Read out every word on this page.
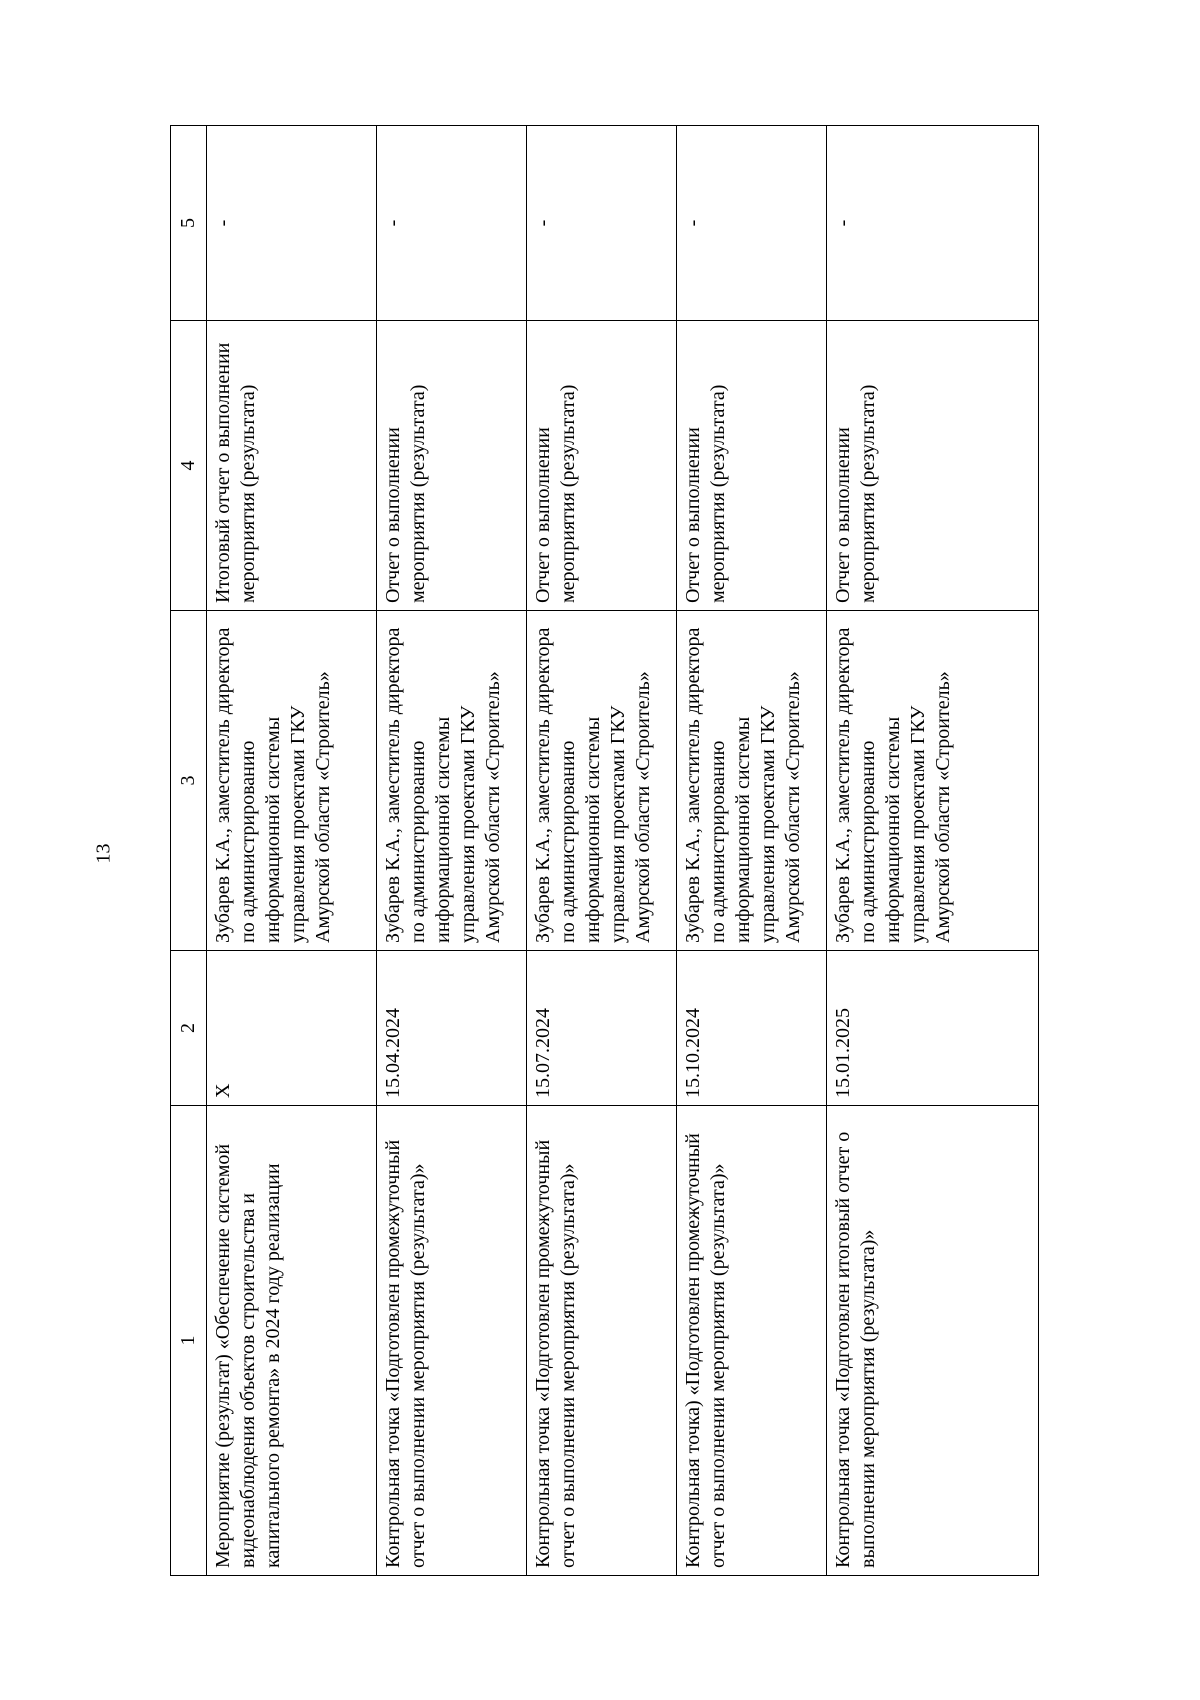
13
1	2	3	4	5
Мероприятие (результат) «Обеспечение системой видеонаблюдения объектов строительства и капитального ремонта» в 2024 году реализации	Х	Зубарев К.А., заместитель директора по администрированию информационной системы управления проектами ГКУ Амурской области «Строитель»	Итоговый отчет о выполнении мероприятия (результата)	-
Контрольная точка «Подготовлен промежуточный отчет о выполнении мероприятия (результата)»	15.04.2024	Зубарев К.А., заместитель директора по администрированию информационной системы управления проектами ГКУ Амурской области «Строитель»	Отчет о выполнении мероприятия (результата)	-
Контрольная точка «Подготовлен промежуточный отчет о выполнении мероприятия (результата)»	15.07.2024	Зубарев К.А., заместитель директора по администрированию информационной системы управления проектами ГКУ Амурской области «Строитель»	Отчет о выполнении мероприятия (результата)	-
Контрольная точка) «Подготовлен промежуточный отчет о выполнении мероприятия (результата)»	15.10.2024	Зубарев К.А., заместитель директора по администрированию информационной системы управления проектами ГКУ Амурской области «Строитель»	Отчет о выполнении мероприятия (результата)	-
Контрольная точка «Подготовлен итоговый отчет о выполнении мероприятия (результата)»	15.01.2025	Зубарев К.А., заместитель директора по администрированию информационной системы управления проектами ГКУ Амурской области «Строитель»	Отчет о выполнении мероприятия (результата)	-
